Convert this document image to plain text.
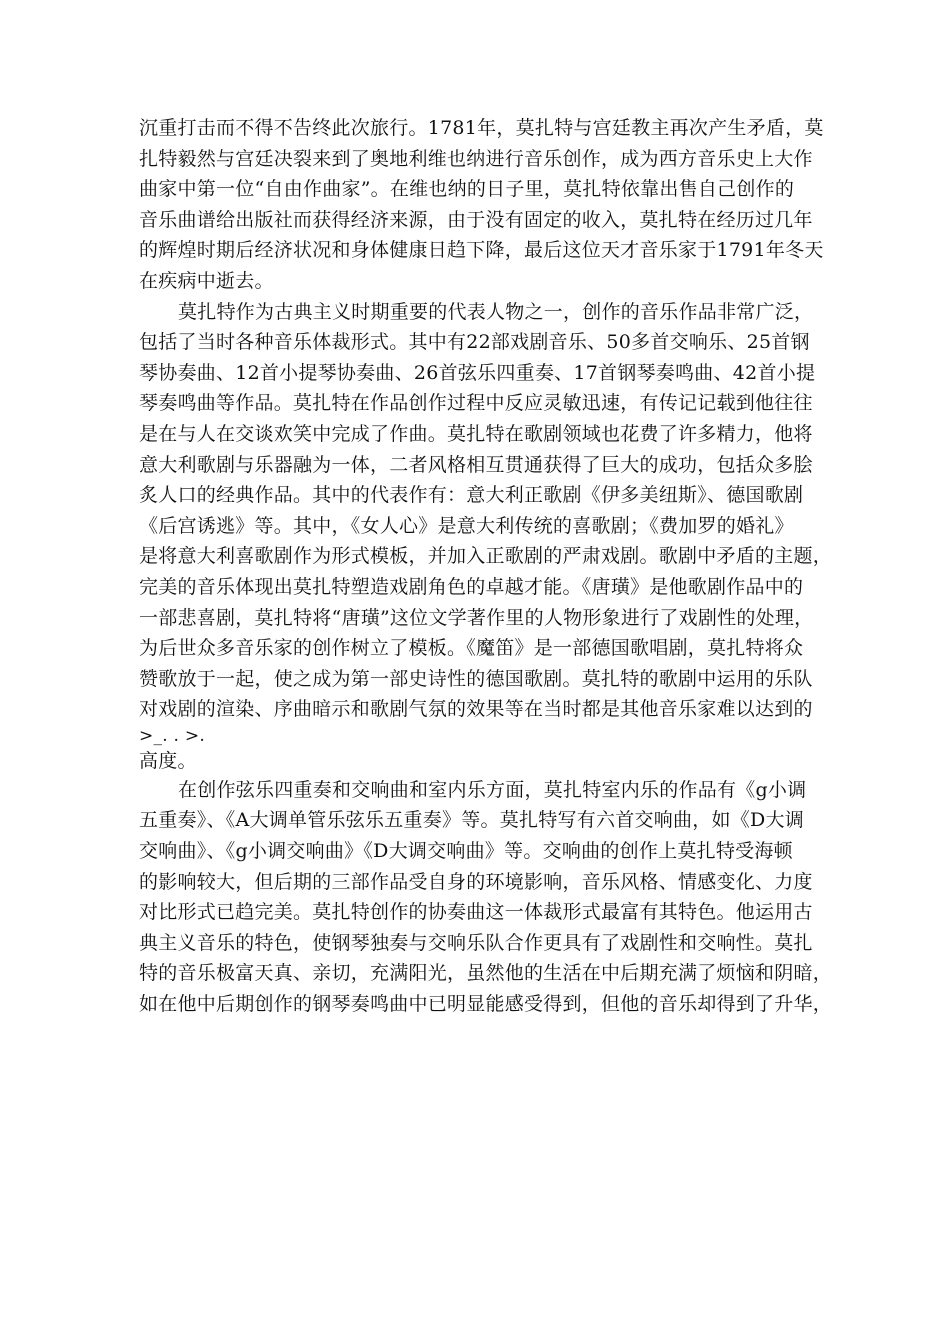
沉重打击而不得不告终此次旅行。1781年，莫扎特与宫廷教主再次产生矛盾，莫
扎特毅然与宫廷决裂来到了奥地利维也纳进行音乐创作，成为西方音乐史上大作
曲家中第一位“自由作曲家”。在维也纳的日子里，莫扎特依靠出售自己创作的
音乐曲谱给出版社而获得经济来源，由于没有固定的收入，莫扎特在经历过几年
的辉煌时期后经济状况和身体健康日趋下降，最后这位天才音乐家于1791年冬天
在疾病中逝去。
莫扎特作为古典主义时期重要的代表人物之一，创作的音乐作品非常广泛，
包括了当时各种音乐体裁形式。其中有22部戏剧音乐、50多首交响乐、25首钢
琴协奏曲、12首小提琴协奏曲、26首弦乐四重奏、17首钢琴奏鸣曲、42首小提
琴奏鸣曲等作品。莫扎特在作品创作过程中反应灵敏迅速，有传记记载到他往往
是在与人在交谈欢笑中完成了作曲。莫扎特在歌剧领域也花费了许多精力，他将
意大利歌剧与乐器融为一体，二者风格相互贯通获得了巨大的成功，包括众多脍
炙人口的经典作品。其中的代表作有：意大利正歌剧《伊多美纽斯》、德国歌剧
《后宫诱逃》等。其中，《女人心》是意大利传统的喜歌剧；《费加罗的婚礼》
是将意大利喜歌剧作为形式模板，并加入正歌剧的严肃戏剧。歌剧中矛盾的主题，
完美的音乐体现出莫扎特塑造戏剧角色的卓越才能。《唐璜》是他歌剧作品中的
一部悲喜剧，莫扎特将“唐璜”这位文学著作里的人物形象进行了戏剧性的处理，
为后世众多音乐家的创作树立了模板。《魔笛》是一部德国歌唱剧，莫扎特将众
赞歌放于一起，使之成为第一部史诗性的德国歌剧。莫扎特的歌剧中运用的乐队
对戏剧的渲染、序曲暗示和歌剧气氛的效果等在当时都是其他音乐家难以达到的
>_. . >.
高度。
在创作弦乐四重奏和交响曲和室内乐方面，莫扎特室内乐的作品有《g小调
五重奏》、《A大调单管乐弦乐五重奏》等。莫扎特写有六首交响曲，如《D大调
交响曲》、《g小调交响曲》《D大调交响曲》等。交响曲的创作上莫扎特受海顿
的影响较大，但后期的三部作品受自身的环境影响，音乐风格、情感变化、力度
对比形式已趋完美。莫扎特创作的协奏曲这一体裁形式最富有其特色。他运用古
典主义音乐的特色，使钢琴独奏与交响乐队合作更具有了戏剧性和交响性。莫扎
特的音乐极富天真、亲切，充满阳光，虽然他的生活在中后期充满了烦恼和阴暗，
如在他中后期创作的钢琴奏鸣曲中已明显能感受得到，但他的音乐却得到了升华，
